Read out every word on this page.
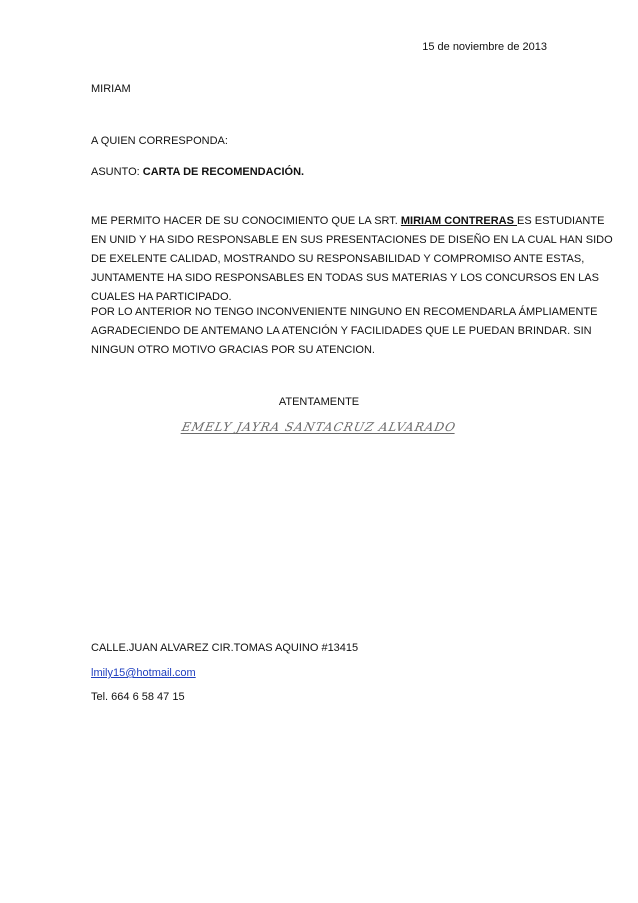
15 de noviembre de 2013
MIRIAM
A QUIEN CORRESPONDA:
ASUNTO: CARTA DE RECOMENDACIÓN.
ME PERMITO HACER DE SU CONOCIMIENTO QUE LA SRT. MIRIAM CONTRERAS ES ESTUDIANTE
EN UNID Y HA SIDO RESPONSABLE EN SUS PRESENTACIONES DE DISEÑO EN LA CUAL HAN SIDO
DE EXELENTE CALIDAD, MOSTRANDO SU RESPONSABILIDAD Y COMPROMISO ANTE ESTAS,
JUNTAMENTE HA SIDO RESPONSABLES EN TODAS SUS MATERIAS Y LOS CONCURSOS EN LAS
CUALES HA PARTICIPADO.
POR LO ANTERIOR NO TENGO INCONVENIENTE NINGUNO EN RECOMENDARLA ÁMPLIAMENTE
AGRADECIENDO DE ANTEMANO LA ATENCIÓN Y FACILIDADES QUE LE PUEDAN BRINDAR. SIN
NINGUN OTRO MOTIVO GRACIAS POR SU ATENCION.
ATENTAMENTE
EMELY JAYRA SANTACRUZ ALVARADO
CALLE.JUAN ALVAREZ CIR.TOMAS AQUINO #13415
lmily15@hotmail.com
Tel. 664 6 58 47 15
